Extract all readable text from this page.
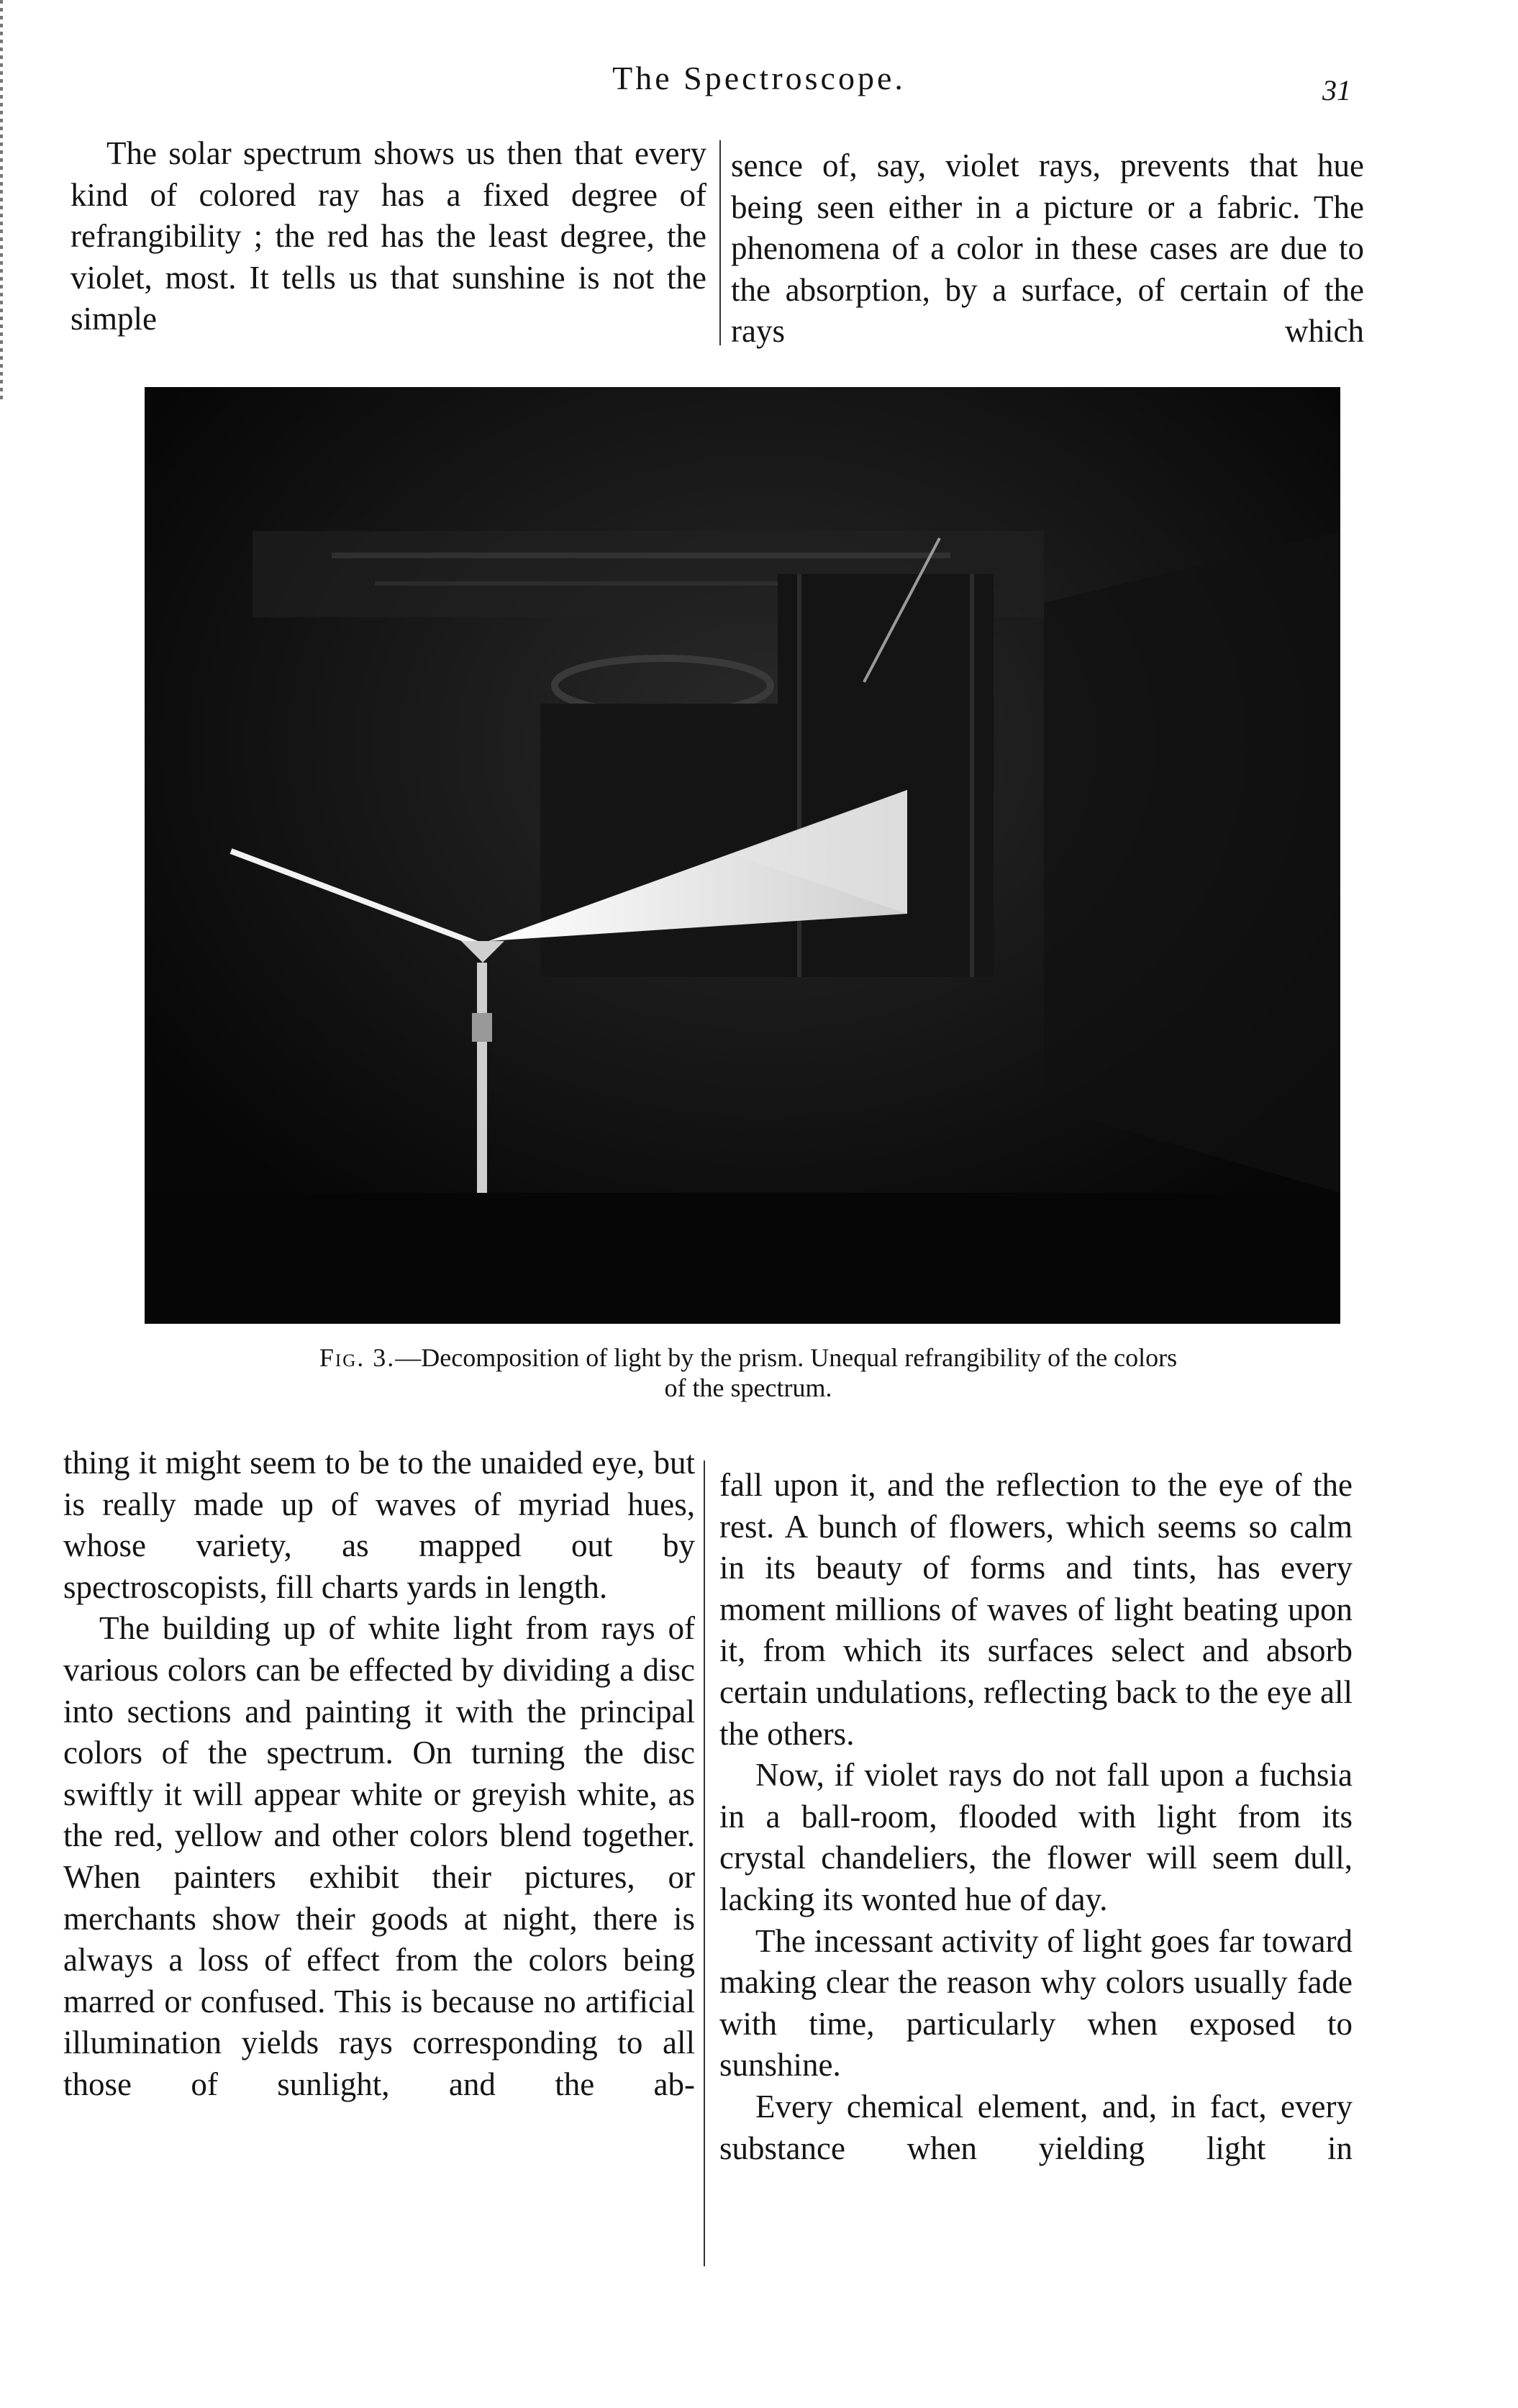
The Spectroscope.	31

The solar spectrum shows us then that every kind of colored ray has a fixed degree of refrangibility ; the red has the least degree, the violet, most. It tells us that sunshine is not the simple

sence of, say, violet rays, prevents that hue being seen either in a picture or a fabric. The phenomena of a color in these cases are due to the absorption, by a surface, of certain of the rays which

Fig. 3.—Decomposition of light by the prism. Unequal refrangibility of the colors
of the spectrum.

thing it might seem to be to the unaided eye, but is really made up of waves of myriad hues, whose variety, as mapped out by spectroscopists, fill charts yards in length.

The building up of white light from rays of various colors can be effected by dividing a disc into sections and painting it with the principal colors of the spectrum. On turning the disc swiftly it will appear white or greyish white, as the red, yellow and other colors blend together. When painters exhibit their pictures, or merchants show their goods at night, there is always a loss of effect from the colors being marred or confused. This is because no artificial illumination yields rays corresponding to all those of sunlight, and the ab-

fall upon it, and the reflection to the eye of the rest. A bunch of flowers, which seems so calm in its beauty of forms and tints, has every moment millions of waves of light beating upon it, from which its surfaces select and absorb certain undulations, reflecting back to the eye all the others.

Now, if violet rays do not fall upon a fuchsia in a ball-room, flooded with light from its crystal chandeliers, the flower will seem dull, lacking its wonted hue of day.

The incessant activity of light goes far toward making clear the reason why colors usually fade with time, particularly when exposed to sunshine.

Every chemical element, and, in fact, every substance when yielding light in
